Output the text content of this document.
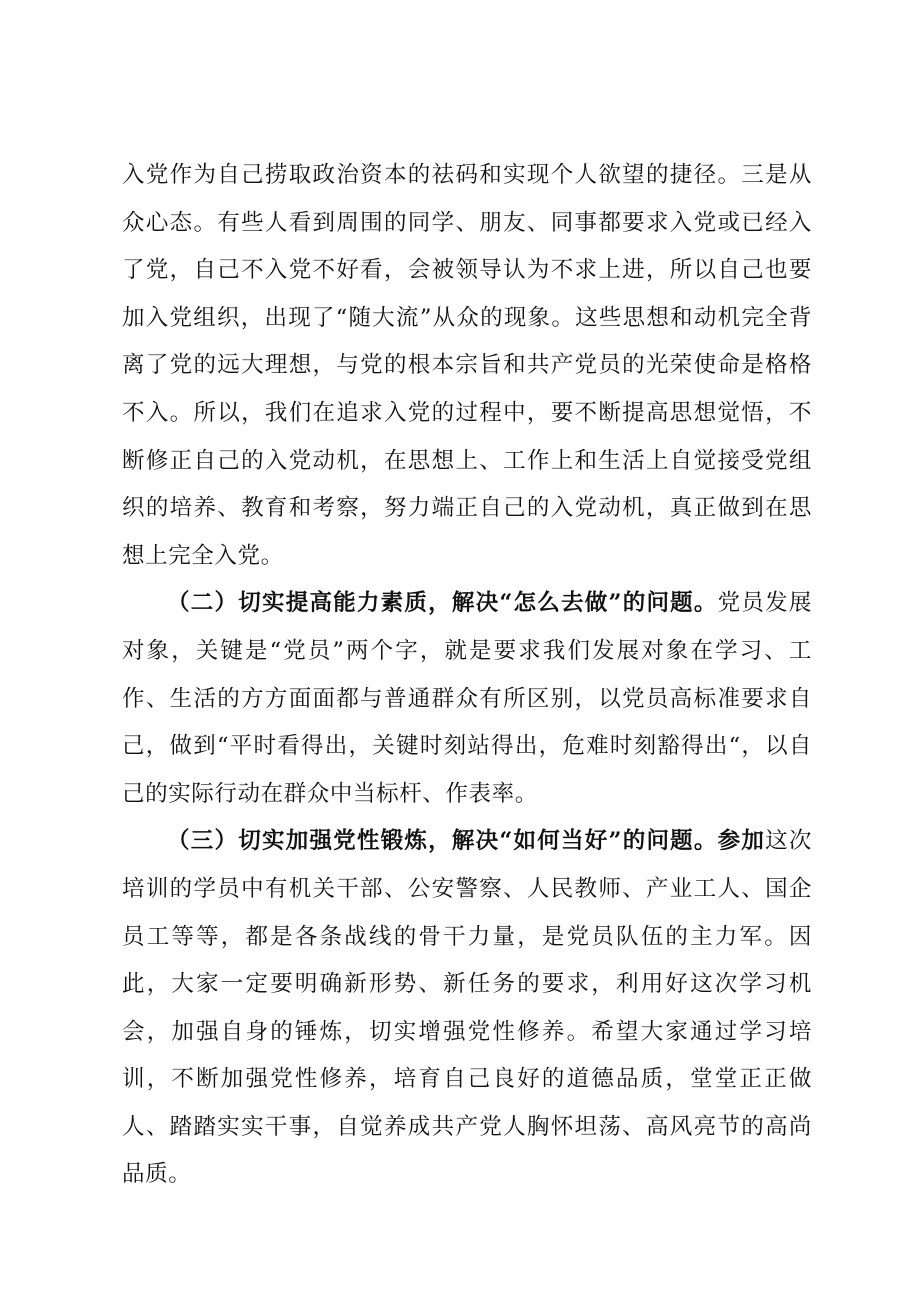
入党作为自己捞取政治资本的祛码和实现个人欲望的捷径。三是从众心态。有些人看到周围的同学、朋友、同事都要求入党或已经入了党，自己不入党不好看，会被领导认为不求上进，所以自己也要加入党组织，出现了“随大流”从众的现象。这些思想和动机完全背离了党的远大理想，与党的根本宗旨和共产党员的光荣使命是格格不入。所以，我们在追求入党的过程中，要不断提高思想觉悟，不断修正自己的入党动机，在思想上、工作上和生活上自觉接受党组织的培养、教育和考察，努力端正自己的入党动机，真正做到在思想上完全入党。

（二）切实提高能力素质，解决“怎么去做”的问题。党员发展对象，关键是“党员”两个字，就是要求我们发展对象在学习、工作、生活的方方面面都与普通群众有所区别，以党员高标准要求自己，做到“平时看得出，关键时刻站得出，危难时刻豁得出“，以自己的实际行动在群众中当标杆、作表率。

（三）切实加强党性锻炼，解决“如何当好”的问题。参加这次培训的学员中有机关干部、公安警察、人民教师、产业工人、国企员工等等，都是各条战线的骨干力量，是党员队伍的主力军。因此，大家一定要明确新形势、新任务的要求，利用好这次学习机会，加强自身的锤炼，切实增强党性修养。希望大家通过学习培训，不断加强党性修养，培育自己良好的道德品质，堂堂正正做人、踏踏实实干事，自觉养成共产党人胸怀坦荡、高风亮节的高尚品质。
